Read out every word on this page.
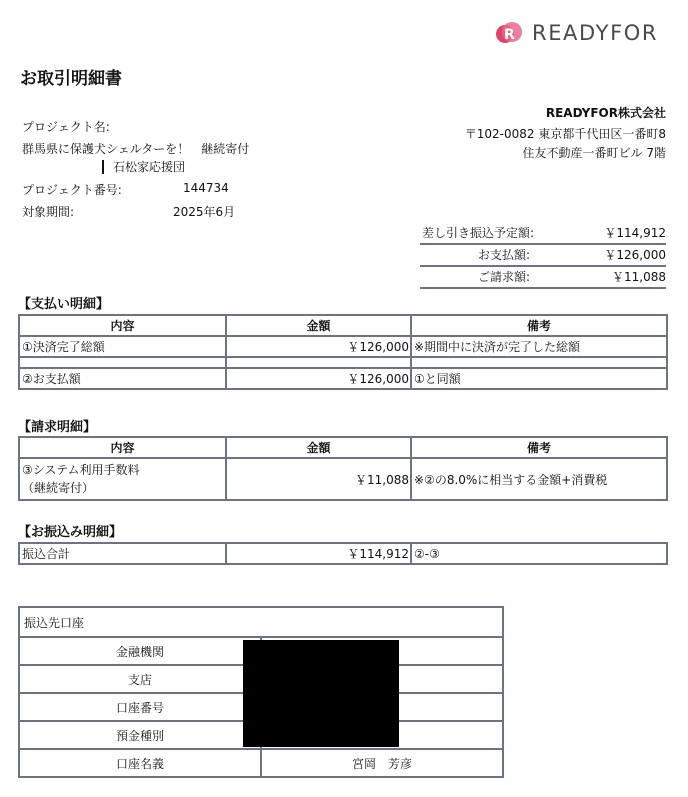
R READYFOR
お取引明細書
READYFOR株式会社
〒102-0082 東京都千代田区一番町8
住友不動産一番町ビル 7階
プロジェクト名:
群馬県に保護犬シェルターを！　継続寄付
石松家応援団
プロジェクト番号:	144734
対象期間:	2025年6月
差し引き振込予定額:	￥114,912
お支払額:	￥126,000
ご請求額:	￥11,088
【支払い明細】
内容	金額	備考
①決済完了総額	￥126,000	※期間中に決済が完了した総額

②お支払額	￥126,000	①と同額
【請求明細】
内容	金額	備考

③システム利用手数料
（継続寄付）	￥11,088	※②の8.0%に相当する金額+消費税
【お振込み明細】
振込合計	￥114,912	②-③
振込先口座	
金融機関	
支店	
口座番号	
預金種別	
口座名義	宮岡　芳彦
